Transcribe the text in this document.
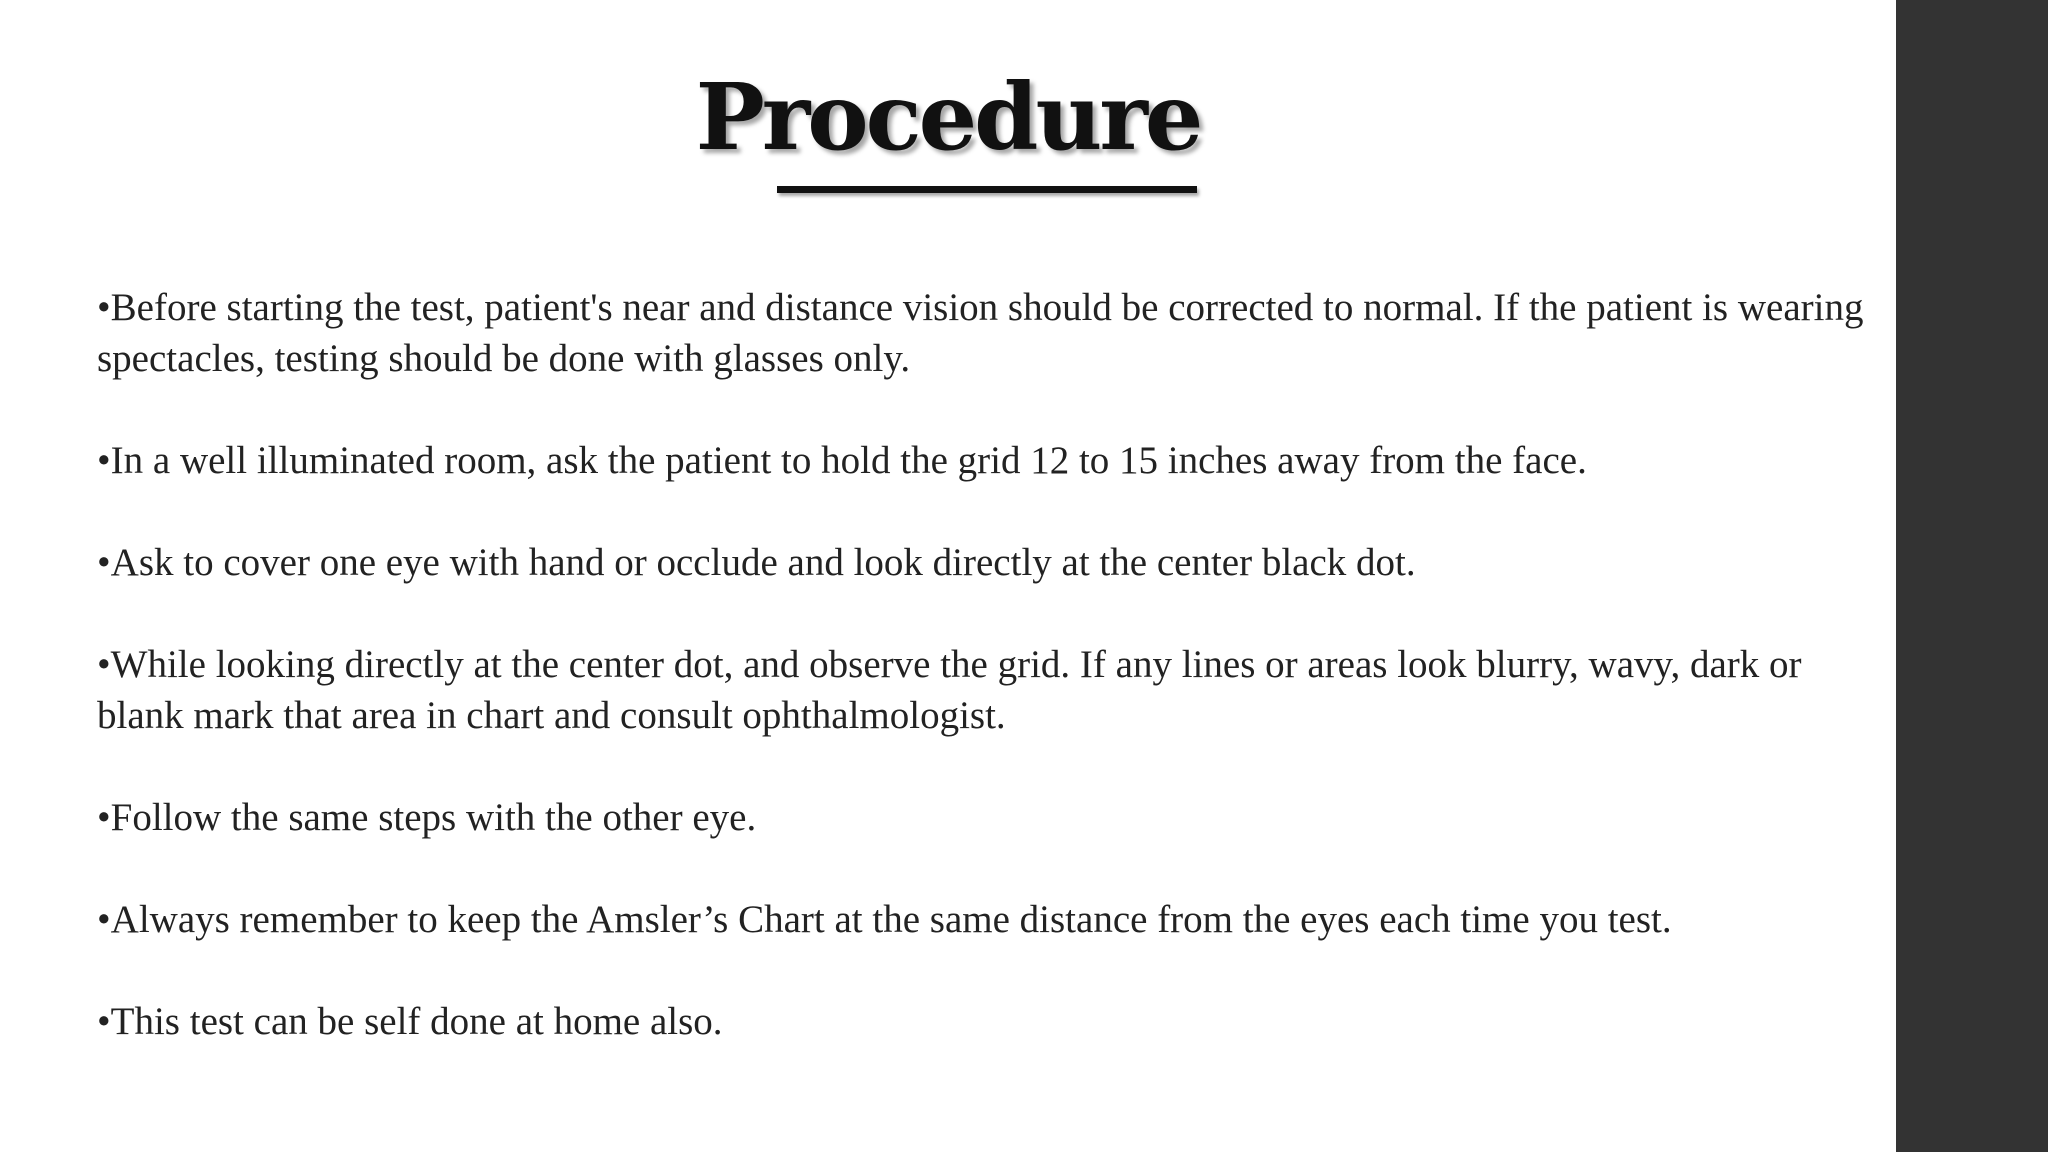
Procedure

•Before starting the test, patient's near and distance vision should be corrected to normal. If the patient is wearing spectacles, testing should be done with glasses only.

•In a well illuminated room, ask the patient to hold the grid 12 to 15 inches away from the face.

•Ask to cover one eye with hand or occlude and look directly at the center black dot.

•While looking directly at the center dot, and observe the grid. If any lines or areas look blurry, wavy, dark or blank mark that area in chart and consult ophthalmologist.

•Follow the same steps with the other eye.

•Always remember to keep the Amsler’s Chart at the same distance from the eyes each time you test.

•This test can be self done at home also.
